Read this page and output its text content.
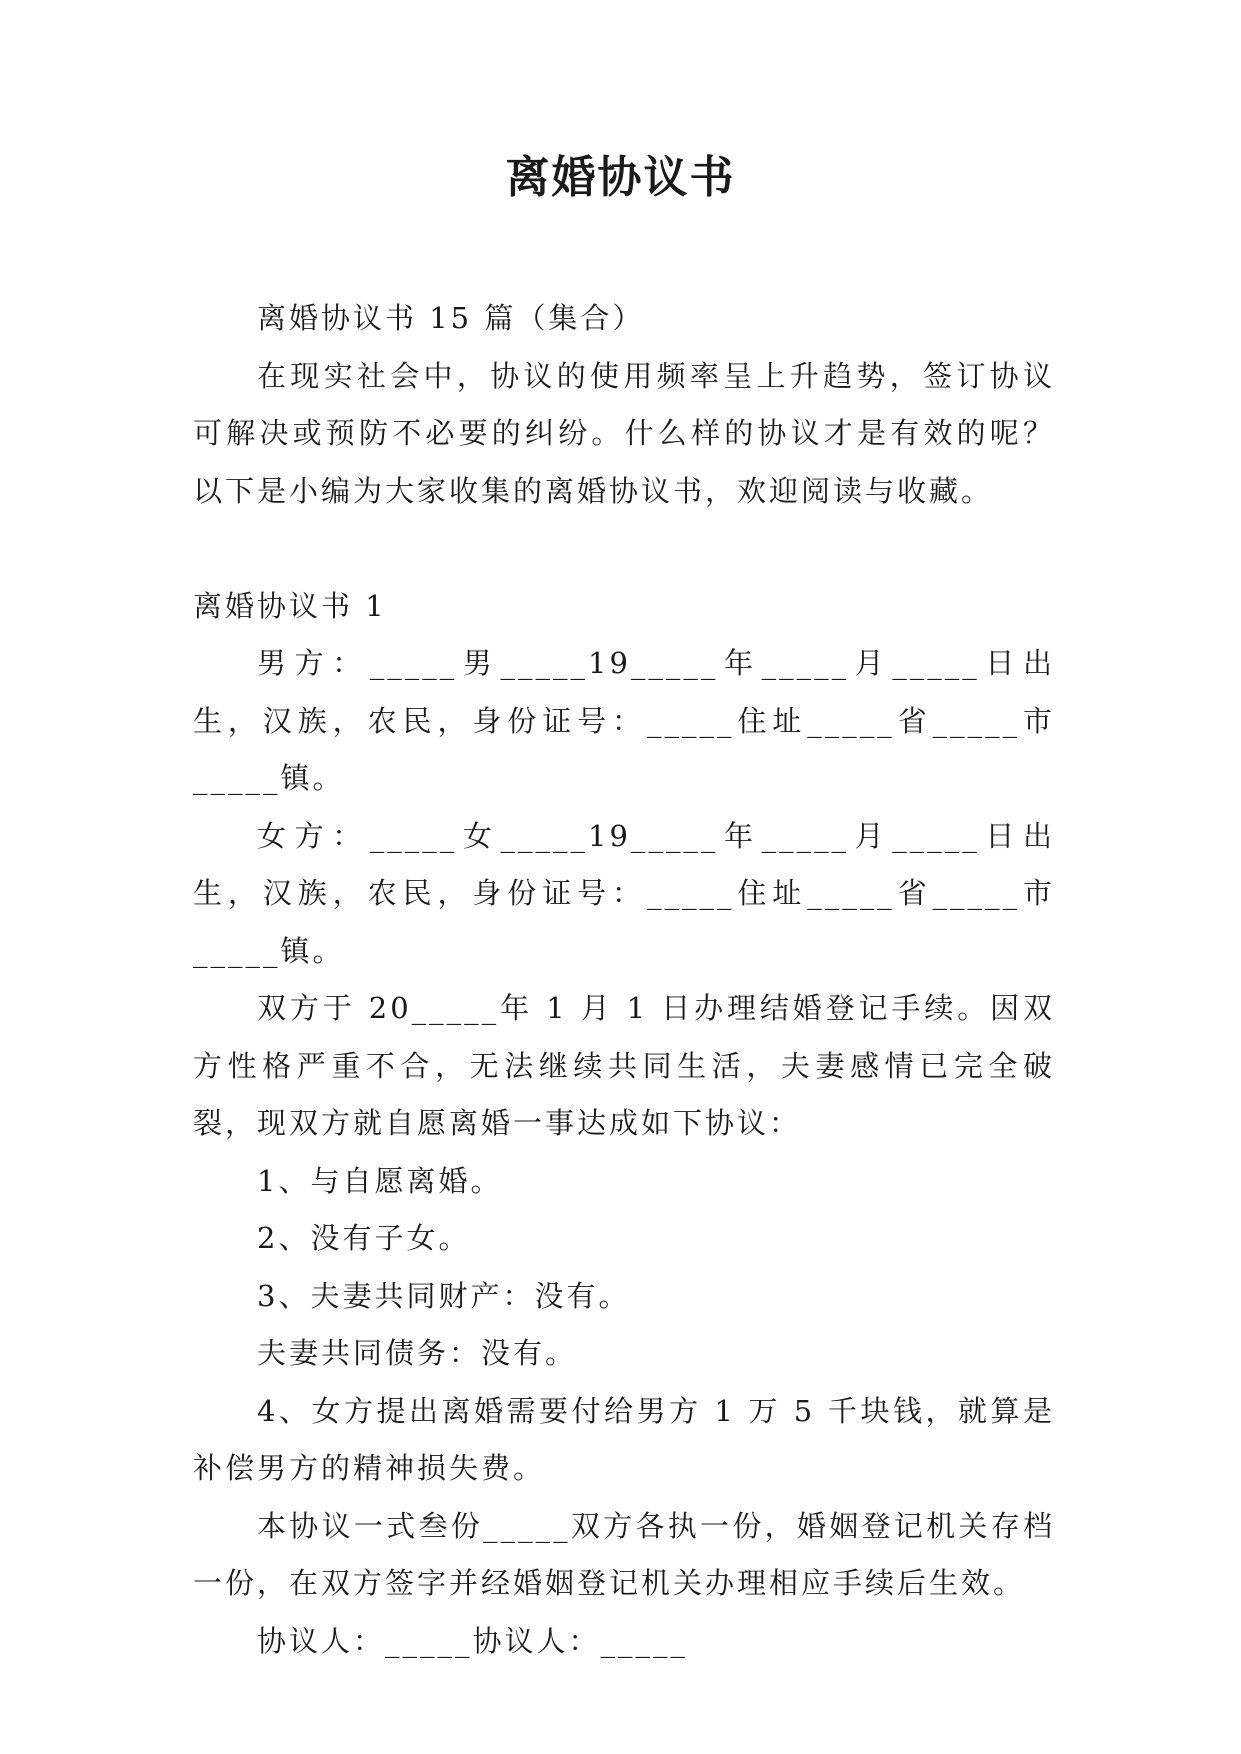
离婚协议书

离婚协议书 15 篇（集合）

在现实社会中，协议的使用频率呈上升趋势，签订协议可解决或预防不必要的纠纷。什么样的协议才是有效的呢？以下是小编为大家收集的离婚协议书，欢迎阅读与收藏。

离婚协议书 1

男方：_____男_____19_____年_____月_____日出生，汉族，农民，身份证号：_____住址_____省_____市_____镇。

女方：_____女_____19_____年_____月_____日出生，汉族，农民，身份证号：_____住址_____省_____市_____镇。

双方于 20_____年 1 月 1 日办理结婚登记手续。因双方性格严重不合，无法继续共同生活，夫妻感情已完全破裂，现双方就自愿离婚一事达成如下协议：

1、与自愿离婚。

2、没有子女。

3、夫妻共同财产：没有。

夫妻共同债务：没有。

4、女方提出离婚需要付给男方 1 万 5 千块钱，就算是补偿男方的精神损失费。

本协议一式叁份_____双方各执一份，婚姻登记机关存档一份，在双方签字并经婚姻登记机关办理相应手续后生效。

协议人：_____协议人：_____
